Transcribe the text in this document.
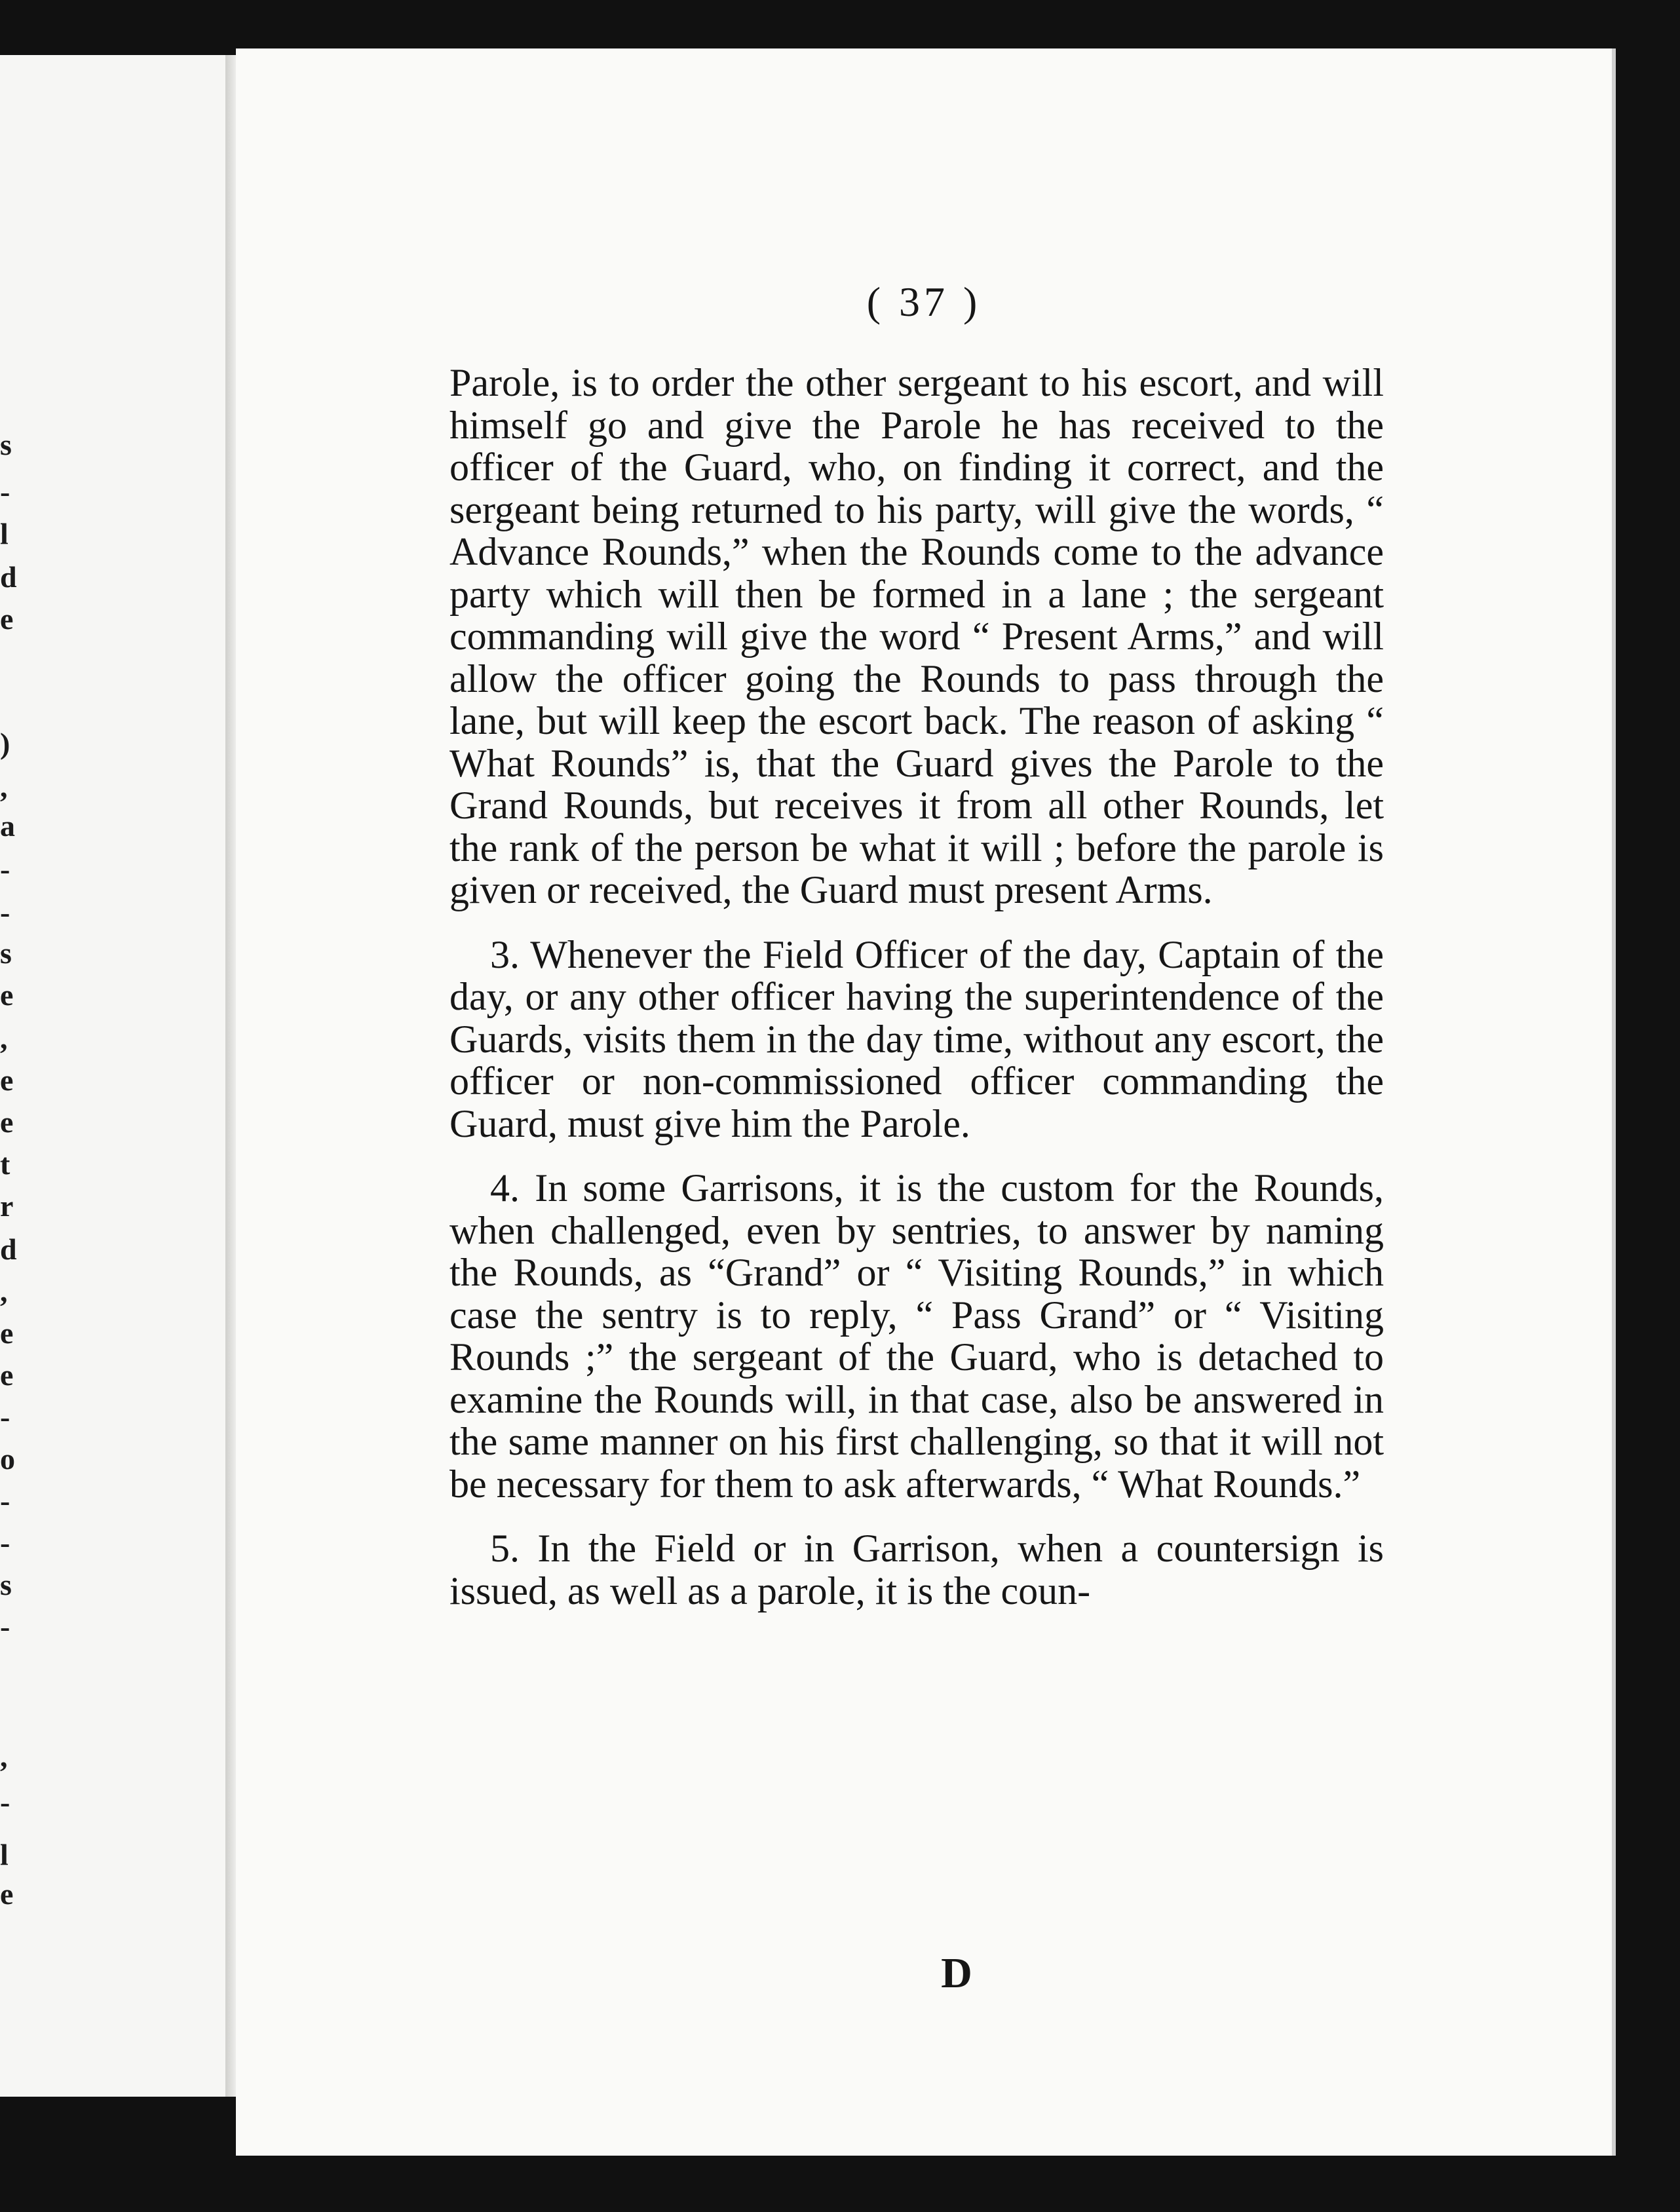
s
-
l
d
e
)
,
a
-
-
s
e
,
e
e
t
r
d
,
e
e
-
o
-
-
s
-
,
-
l
e
( 37 )

Parole, is to order the other sergeant to his escort, and will himself go and give the Parole he has received to the officer of the Guard, who, on finding it correct, and the sergeant being returned to his party, will give the words, “ Advance Rounds,” when the Rounds come to the advance party which will then be formed in a lane ; the sergeant commanding will give the word “ Present Arms,” and will allow the officer going the Rounds to pass through the lane, but will keep the escort back. The reason of asking “ What Rounds” is, that the Guard gives the Parole to the Grand Rounds, but receives it from all other Rounds, let the rank of the person be what it will ; before the parole is given or received, the Guard must present Arms.

3. Whenever the Field Officer of the day, Captain of the day, or any other officer having the superintendence of the Guards, visits them in the day time, without any escort, the officer or non-commissioned officer commanding the Guard, must give him the Parole.

4. In some Garrisons, it is the custom for the Rounds, when challenged, even by sentries, to answer by naming the Rounds, as “Grand” or “ Visiting Rounds,” in which case the sentry is to reply, “ Pass Grand” or “ Visiting Rounds ;” the sergeant of the Guard, who is detached to examine the Rounds will, in that case, also be answered in the same manner on his first challenging, so that it will not be necessary for them to ask afterwards, “ What Rounds.”

5. In the Field or in Garrison, when a countersign is issued, as well as a parole, it is the coun-

D
